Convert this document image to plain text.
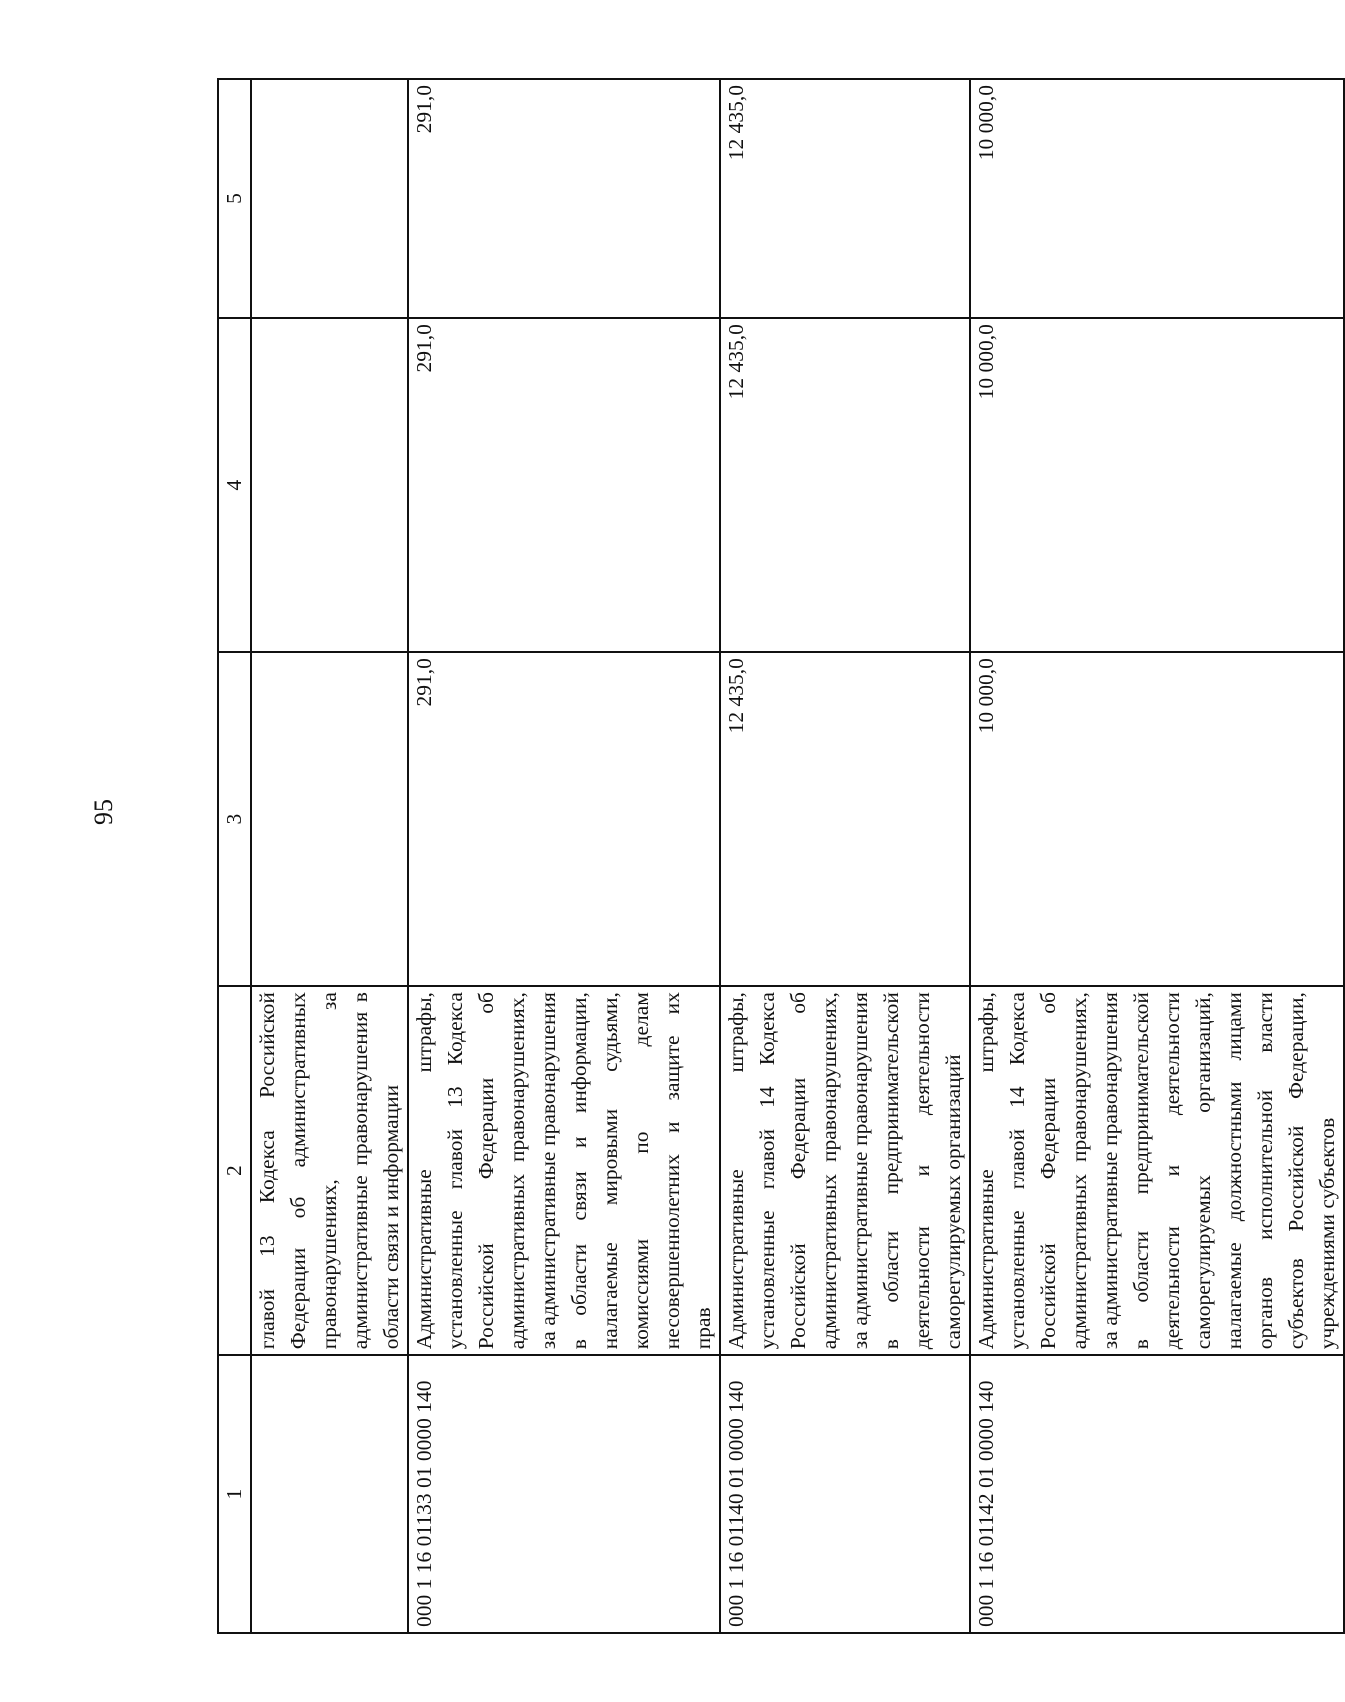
95
1	2	3	4	5
	главой 13 Кодекса Российской Федерации об административных правонарушениях, за административные правонарушения в области связи и информации			
000 1 16 01133 01 0000 140	Административные штрафы, установленные главой 13 Кодекса Российской Федерации об административных правонарушениях, за административные правонарушения в области связи и информации, налагаемые мировыми судьями, комиссиями по делам несовершеннолетних и защите их прав	291,0	291,0	291,0
000 1 16 01140 01 0000 140	Административные штрафы, установленные главой 14 Кодекса Российской Федерации об административных правонарушениях, за административные правонарушения в области предпринимательской деятельности и деятельности саморегулируемых организаций	12 435,0	12 435,0	12 435,0
000 1 16 01142 01 0000 140	Административные штрафы, установленные главой 14 Кодекса Российской Федерации об административных правонарушениях, за административные правонарушения в области предпринимательской деятельности и деятельности саморегулируемых организаций, налагаемые должностными лицами органов исполнительной власти субъектов Российской Федерации, учреждениями субъектов	10 000,0	10 000,0	10 000,0
